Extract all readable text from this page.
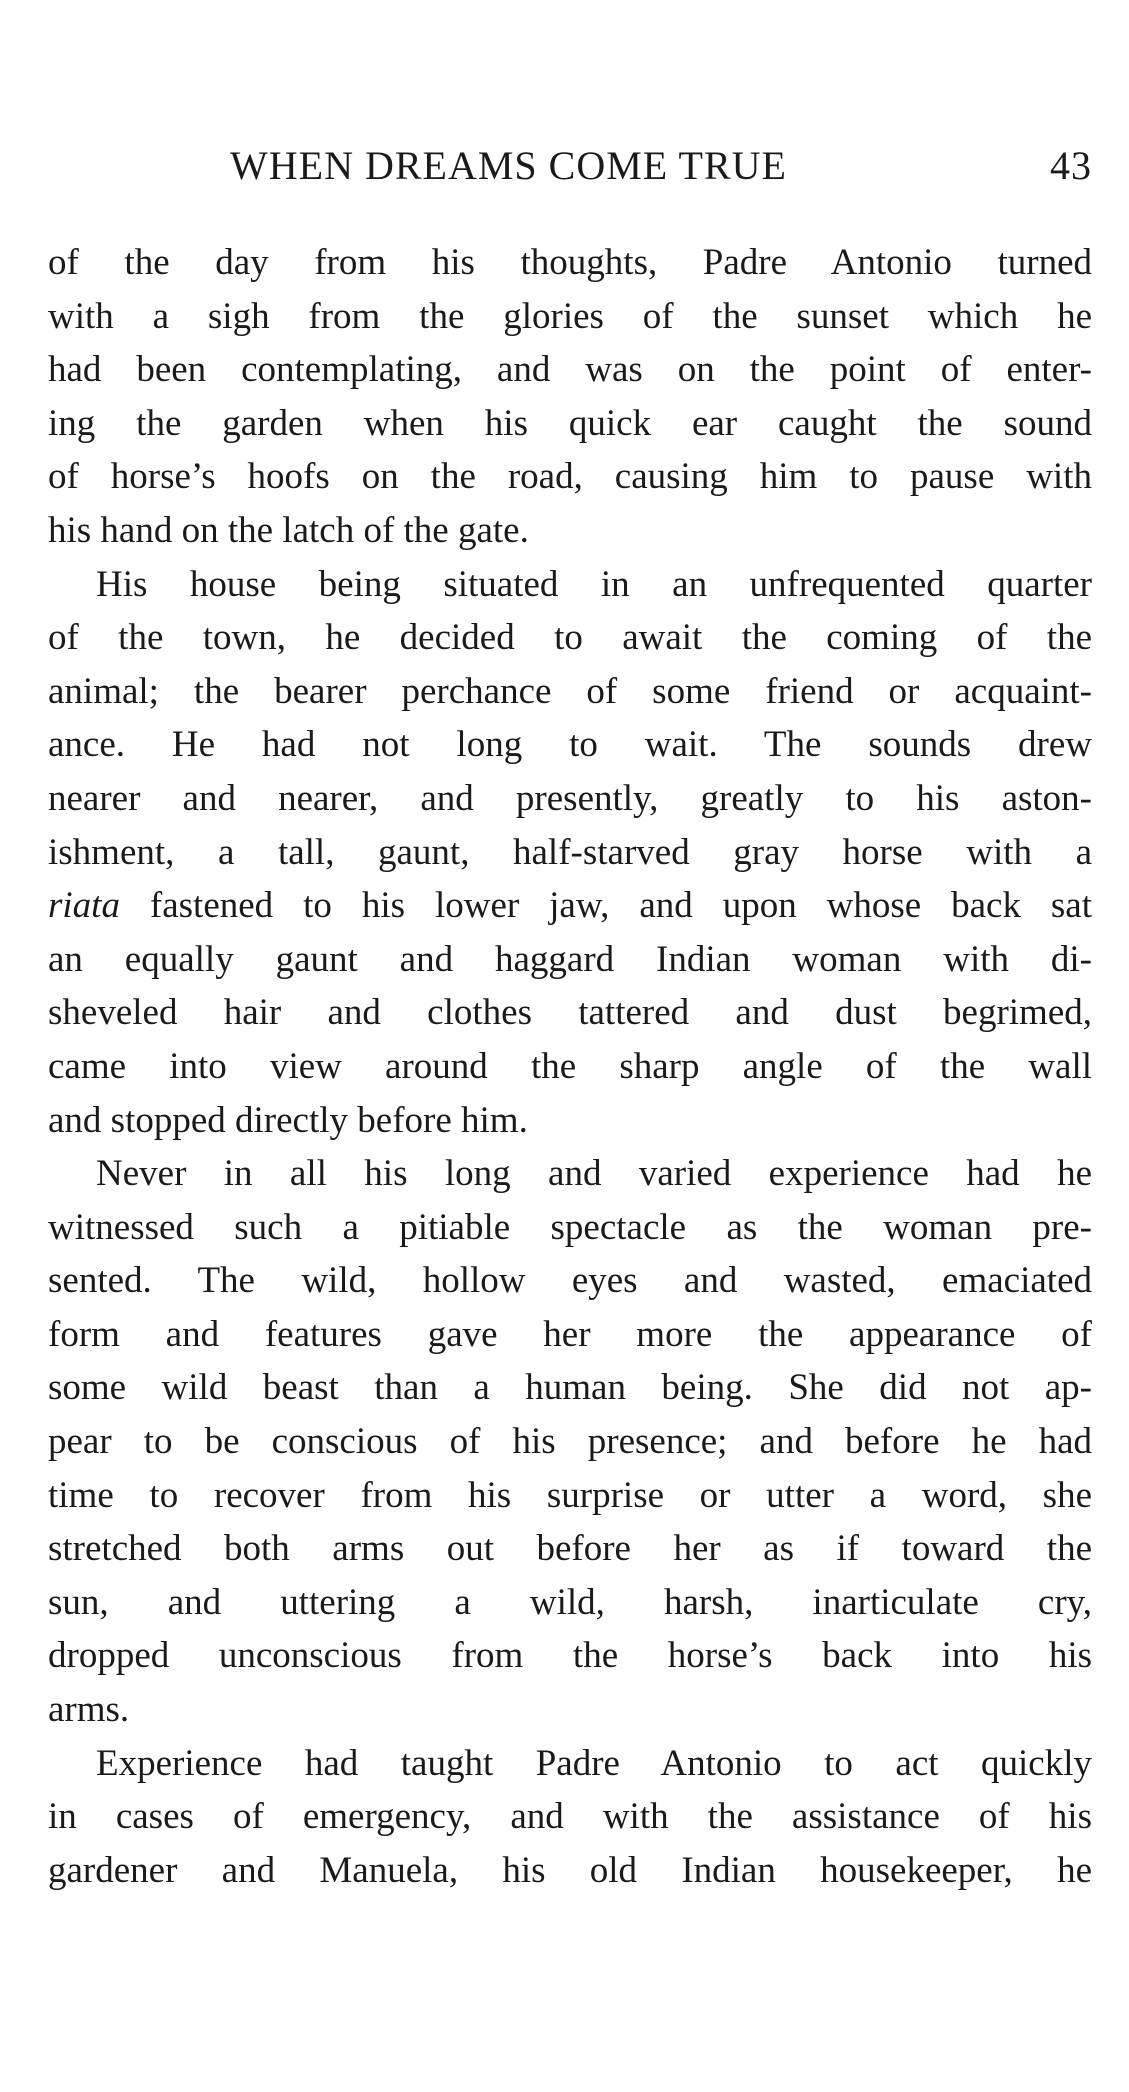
WHEN DREAMS COME TRUE	43
of the day from his thoughts, Padre Antonio turned
with a sigh from the glories of the sunset which he
had been contemplating, and was on the point of enter-
ing the garden when his quick ear caught the sound
of horse’s hoofs on the road, causing him to pause with
his hand on the latch of the gate.
His house being situated in an unfrequented quarter
of the town, he decided to await the coming of the
animal; the bearer perchance of some friend or acquaint-
ance. He had not long to wait. The sounds drew
nearer and nearer, and presently, greatly to his aston-
ishment, a tall, gaunt, half-starved gray horse with a
riata fastened to his lower jaw, and upon whose back sat
an equally gaunt and haggard Indian woman with di-
sheveled hair and clothes tattered and dust begrimed,
came into view around the sharp angle of the wall
and stopped directly before him.
Never in all his long and varied experience had he
witnessed such a pitiable spectacle as the woman pre-
sented. The wild, hollow eyes and wasted, emaciated
form and features gave her more the appearance of
some wild beast than a human being. She did not ap-
pear to be conscious of his presence; and before he had
time to recover from his surprise or utter a word, she
stretched both arms out before her as if toward the
sun, and uttering a wild, harsh, inarticulate cry,
dropped unconscious from the horse’s back into his
arms.
Experience had taught Padre Antonio to act quickly
in cases of emergency, and with the assistance of his
gardener and Manuela, his old Indian housekeeper, he
